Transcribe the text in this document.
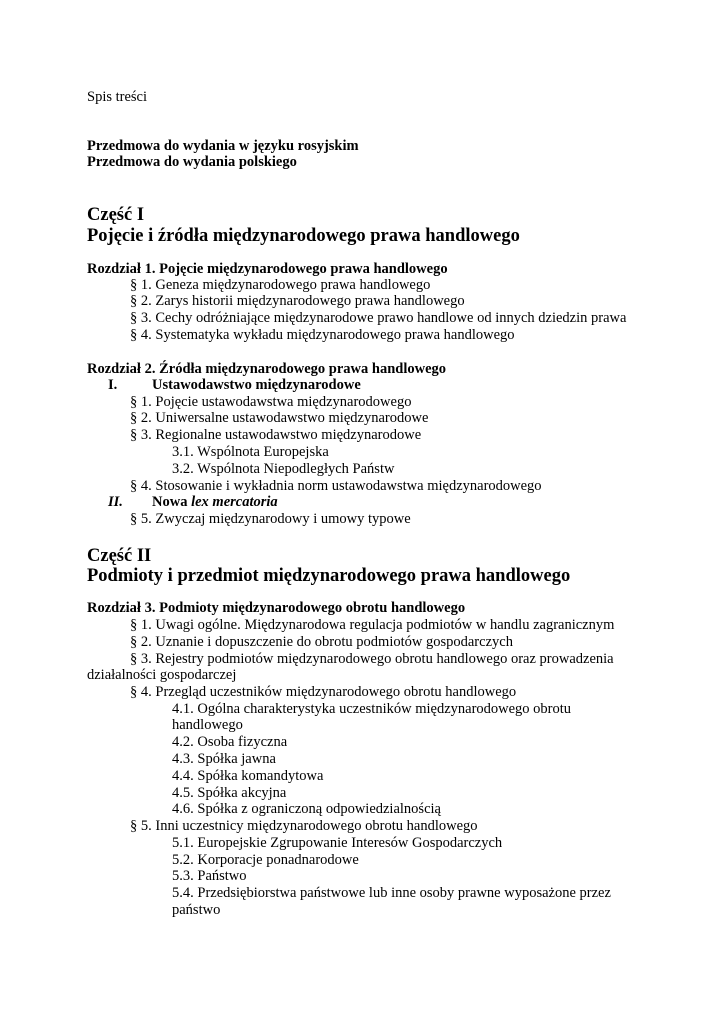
Spis treści

Przedmowa do wydania w języku rosyjskim

Przedmowa do wydania polskiego

Część I

Pojęcie i źródła międzynarodowego prawa handlowego

Rozdział 1. Pojęcie międzynarodowego prawa handlowego

§ 1. Geneza międzynarodowego prawa handlowego

§ 2. Zarys historii międzynarodowego prawa handlowego

§ 3. Cechy odróżniające międzynarodowe prawo handlowe od innych dziedzin prawa

§ 4. Systematyka wykładu międzynarodowego prawa handlowego

Rozdział 2. Źródła międzynarodowego prawa handlowego

I. Ustawodawstwo międzynarodowe

§ 1. Pojęcie ustawodawstwa międzynarodowego

§ 2. Uniwersalne ustawodawstwo międzynarodowe

§ 3. Regionalne ustawodawstwo międzynarodowe

3.1. Wspólnota Europejska

3.2. Wspólnota Niepodległych Państw

§ 4. Stosowanie i wykładnia norm ustawodawstwa międzynarodowego

II. Nowa lex mercatoria

§ 5. Zwyczaj międzynarodowy i umowy typowe

Część II

Podmioty i przedmiot międzynarodowego prawa handlowego

Rozdział 3. Podmioty międzynarodowego obrotu handlowego

§ 1. Uwagi ogólne. Międzynarodowa regulacja podmiotów w handlu zagranicznym

§ 2. Uznanie i dopuszczenie do obrotu podmiotów gospodarczych

§ 3. Rejestry podmiotów międzynarodowego obrotu handlowego oraz prowadzenia

działalności gospodarczej

§ 4. Przegląd uczestników międzynarodowego obrotu handlowego

4.1. Ogólna charakterystyka uczestników międzynarodowego obrotu

handlowego

4.2. Osoba fizyczna

4.3. Spółka jawna

4.4. Spółka komandytowa

4.5. Spółka akcyjna

4.6. Spółka z ograniczoną odpowiedzialnością

§ 5. Inni uczestnicy międzynarodowego obrotu handlowego

5.1. Europejskie Zgrupowanie Interesów Gospodarczych

5.2. Korporacje ponadnarodowe

5.3. Państwo

5.4. Przedsiębiorstwa państwowe lub inne osoby prawne wyposażone przez

państwo
